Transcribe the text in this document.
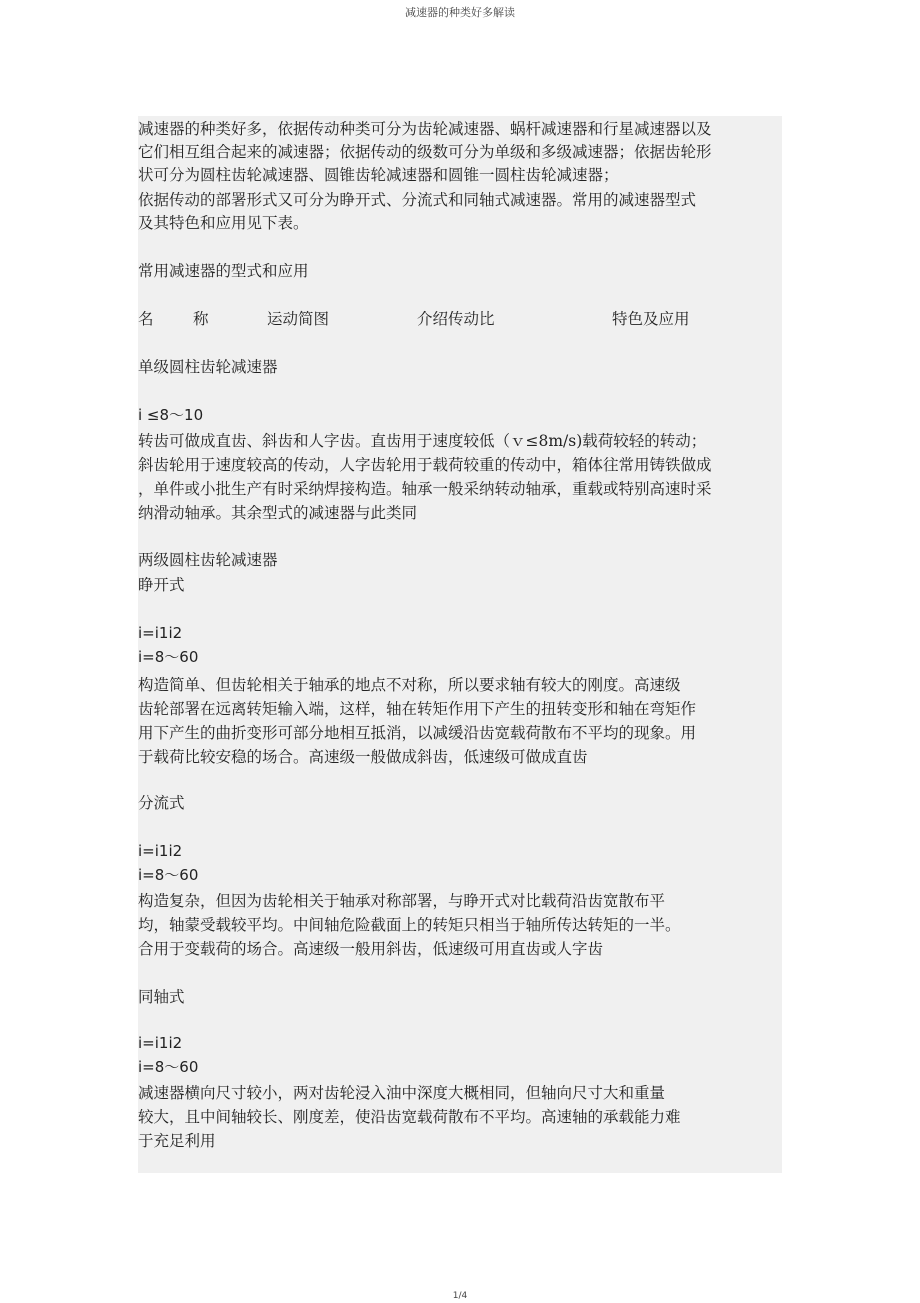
减速器的种类好多解读
减速器的种类好多，依据传动种类可分为齿轮减速器、蜗杆减速器和行星减速器以及
它们相互组合起来的减速器；依据传动的级数可分为单级和多级减速器；依据齿轮形
状可分为圆柱齿轮减速器、圆锥齿轮减速器和圆锥一圆柱齿轮减速器；
依据传动的部署形式又可分为睁开式、分流式和同轴式减速器。常用的减速器型式
及其特色和应用见下表。
常用减速器的型式和应用
名	称	运动简图	介绍传动比	特色及应用
单级圆柱齿轮减速器
i ≤8～10
转齿可做成直齿、斜齿和人字齿。直齿用于速度较低（ｖ≤8m/s)载荷较轻的转动；
斜齿轮用于速度较高的传动，人字齿轮用于载荷较重的传动中，箱体往常用铸铁做成
，单件或小批生产有时采纳焊接构造。轴承一般采纳转动轴承，重载或特别高速时采
纳滑动轴承。其余型式的减速器与此类同
两级圆柱齿轮减速器
睁开式
i=i1i2
i=8～60
构造简单、但齿轮相关于轴承的地点不对称，所以要求轴有较大的刚度。高速级
齿轮部署在远离转矩输入端，这样，轴在转矩作用下产生的扭转变形和轴在弯矩作
用下产生的曲折变形可部分地相互抵消，以减缓沿齿宽载荷散布不平均的现象。用
于载荷比较安稳的场合。高速级一般做成斜齿，低速级可做成直齿
分流式
i=i1i2
i=8～60
构造复杂，但因为齿轮相关于轴承对称部署，与睁开式对比载荷沿齿宽散布平
均，轴蒙受载较平均。中间轴危险截面上的转矩只相当于轴所传达转矩的一半。
合用于变载荷的场合。高速级一般用斜齿，低速级可用直齿或人字齿
同轴式
i=i1i2
i=8～60
减速器横向尺寸较小，两对齿轮浸入油中深度大概相同，但轴向尺寸大和重量
较大，且中间轴较长、刚度差，使沿齿宽载荷散布不平均。高速轴的承载能力难
于充足利用
1/4
